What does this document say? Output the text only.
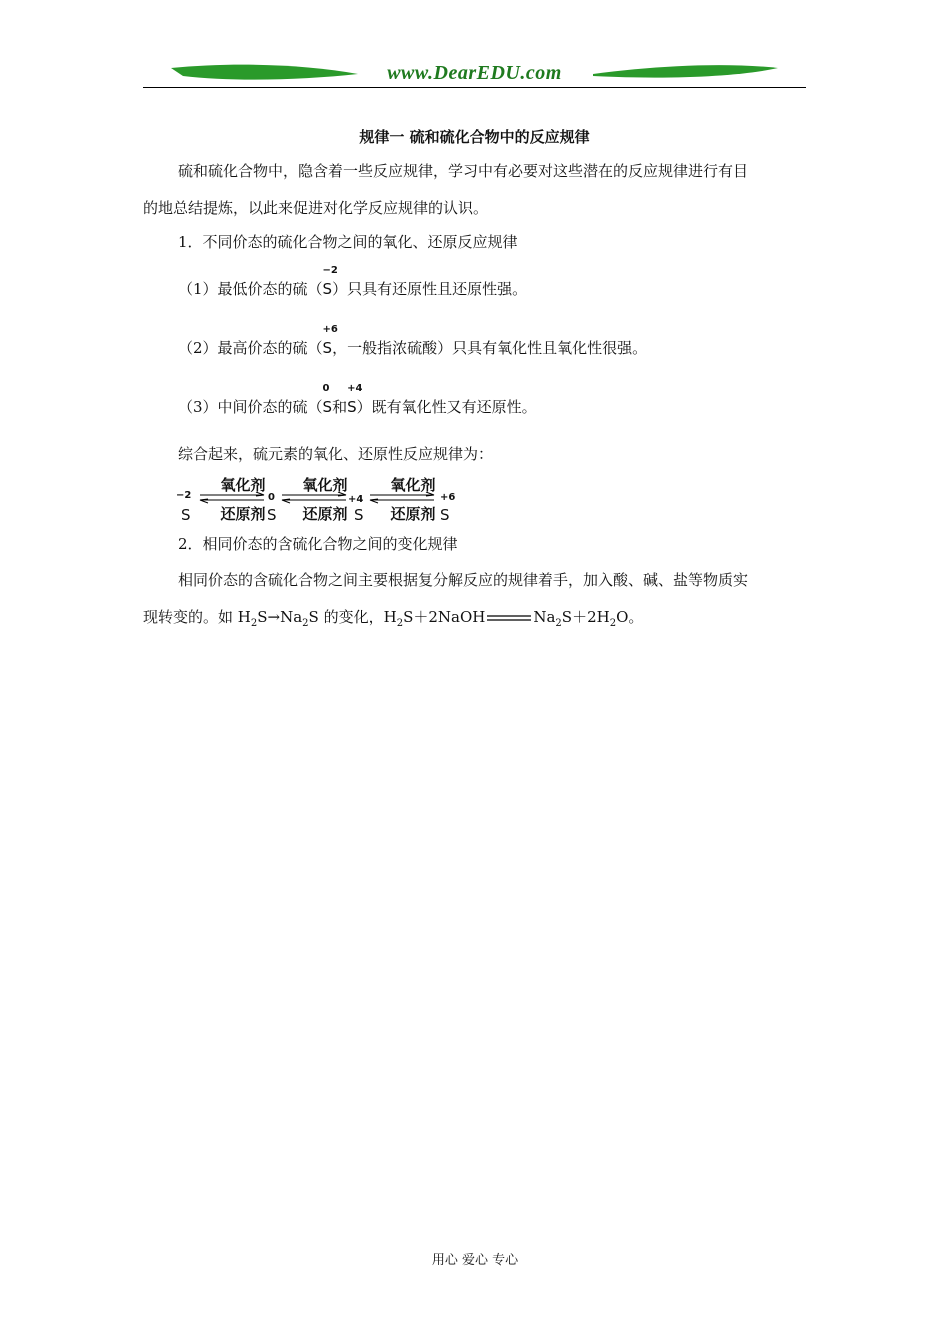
www.DearEDU.com
规律一 硫和硫化合物中的反应规律
硫和硫化合物中，隐含着一些反应规律，学习中有必要对这些潜在的反应规律进行有目
的地总结提炼，以此来促进对化学反应规律的认识。
1．不同价态的硫化合物之间的氧化、还原反应规律
（1）最低价态的硫（
−2
S）只具有还原性且还原性强。
（2）最高价态的硫（
+6
S，一般指浓硫酸）只具有氧化性且氧化性很强。
（3）中间价态的硫（
0
S和
+4
S）既有氧化性又有还原性。
综合起来，硫元素的氧化、还原性反应规律为：
−2
S
氧化剂
还原剂
0
S
氧化剂
还原剂
+4
S
氧化剂
还原剂
+6
S
2．相同价态的含硫化合物之间的变化规律
相同价态的含硫化合物之间主要根据复分解反应的规律着手，加入酸、碱、盐等物质实
现转变的。如 $H_2S\to Na_2S$ 的变化，$H_2S+2NaOH$	$Na_2S+2H_2O$。
用心 爱心 专心
